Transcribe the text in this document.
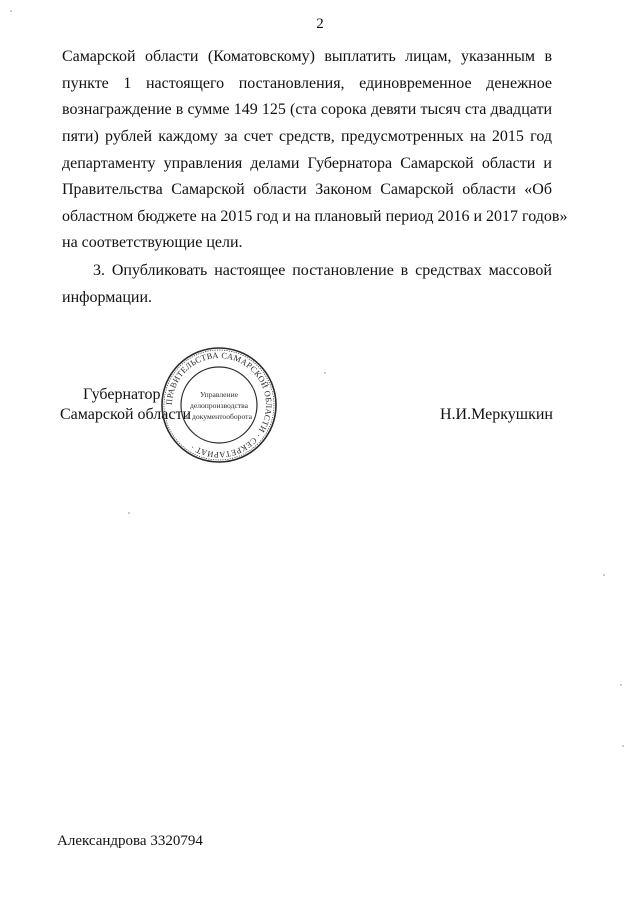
2
Самарской области (Коматовскому) выплатить лицам, указанным в
пункте 1 настоящего постановления, единовременное денежное
вознаграждение в сумме 149 125 (ста сорока девяти тысяч ста двадцати
пяти) рублей каждому за счет средств, предусмотренных на 2015 год
департаменту управления делами Губернатора Самарской области и
Правительства Самарской области Законом Самарской области «Об
областном бюджете на 2015 год и на плановый период 2016 и 2017 годов»
на соответствующие цели.
3. Опубликовать настоящее постановление в средствах массовой
информации.
Губернатор
Самарской области	Н.И.Меркушкин
ПРАВИТЕЛЬСТВА САМАРСКОЙ ОБЛАСТИ · СЕКРЕТАРИАТ ·
Управление
делопроизводства
и документооборота
Александрова 3320794
